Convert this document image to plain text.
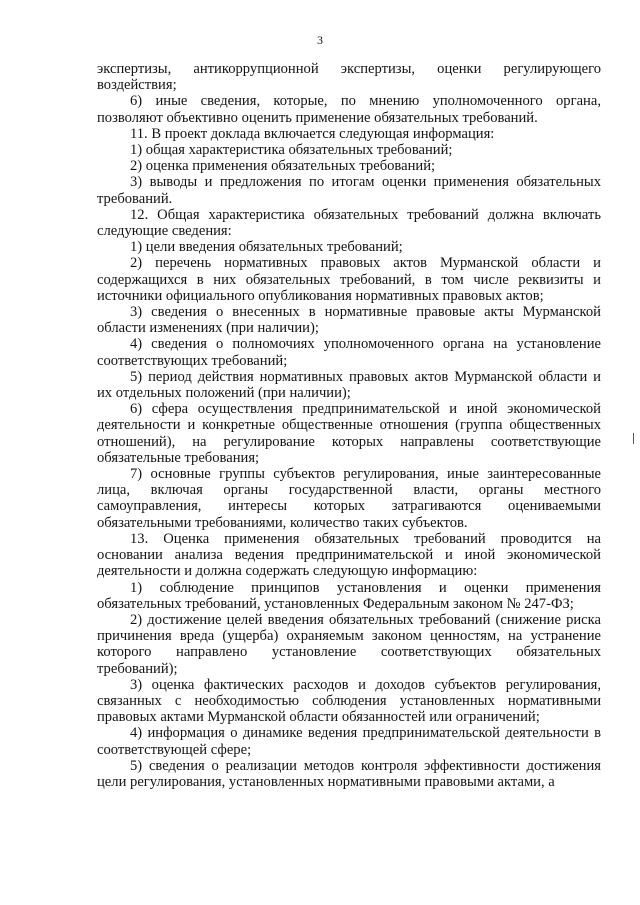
3

экспертизы, антикоррупционной экспертизы, оценки регулирующего воздействия;

6) иные сведения, которые, по мнению уполномоченного органа, позволяют объективно оценить применение обязательных требований.

11. В проект доклада включается следующая информация:

1) общая характеристика обязательных требований;

2) оценка применения обязательных требований;

3) выводы и предложения по итогам оценки применения обязательных требований.

12. Общая характеристика обязательных требований должна включать следующие сведения:

1) цели введения обязательных требований;

2) перечень нормативных правовых актов Мурманской области и содержащихся в них обязательных требований, в том числе реквизиты и источники официального опубликования нормативных правовых актов;

3) сведения о внесенных в нормативные правовые акты Мурманской области изменениях (при наличии);

4) сведения о полномочиях уполномоченного органа на установление соответствующих требований;

5) период действия нормативных правовых актов Мурманской области и их отдельных положений (при наличии);

6) сфера осуществления предпринимательской и иной экономической деятельности и конкретные общественные отношения (группа общественных отношений), на регулирование которых направлены соответствующие обязательные требования;

7) основные группы субъектов регулирования, иные заинтересованные лица, включая органы государственной власти, органы местного самоуправления, интересы которых затрагиваются оцениваемыми обязательными требованиями, количество таких субъектов.

13. Оценка применения обязательных требований проводится на основании анализа ведения предпринимательской и иной экономической деятельности и должна содержать следующую информацию:

1) соблюдение принципов установления и оценки применения обязательных требований, установленных Федеральным законом № 247-ФЗ;

2) достижение целей введения обязательных требований (снижение риска причинения вреда (ущерба) охраняемым законом ценностям, на устранение которого направлено установление соответствующих обязательных требований);

3) оценка фактических расходов и доходов субъектов регулирования, связанных с необходимостью соблюдения установленных нормативными правовых актами Мурманской области обязанностей или ограничений;

4) информация о динамике ведения предпринимательской деятельности в соответствующей сфере;

5) сведения о реализации методов контроля эффективности достижения цели регулирования, установленных нормативными правовыми актами, а
